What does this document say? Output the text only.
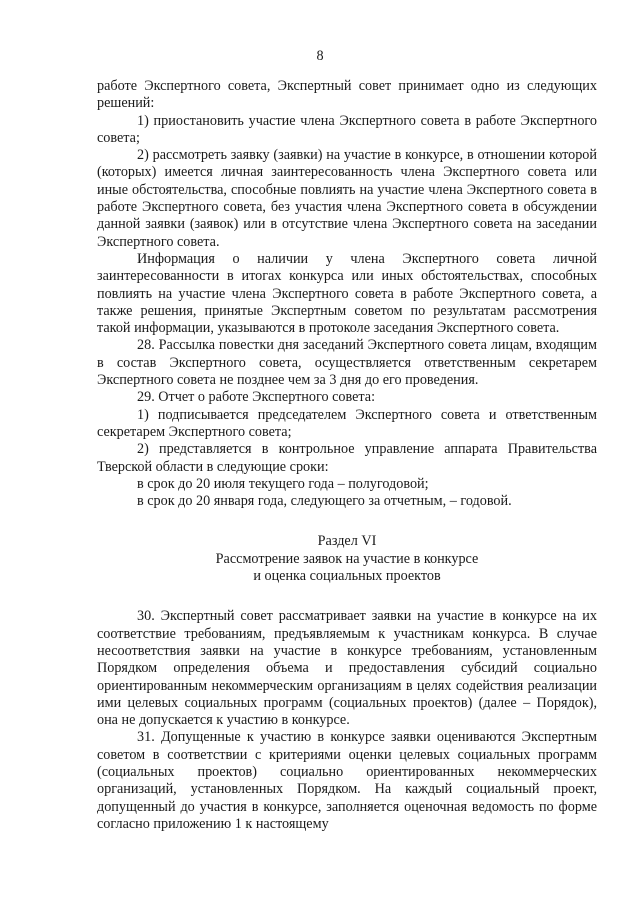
8

работе Экспертного совета, Экспертный совет принимает одно из следующих решений:

1) приостановить участие члена Экспертного совета в работе Экспертного совета;

2) рассмотреть заявку (заявки) на участие в конкурсе, в отношении которой (которых) имеется личная заинтересованность члена Экспертного совета или иные обстоятельства, способные повлиять на участие члена Экспертного совета в работе Экспертного совета, без участия члена Экспертного совета в обсуждении данной заявки (заявок) или в отсутствие члена Экспертного совета на заседании Экспертного совета.

Информация о наличии у члена Экспертного совета личной заинтересованности в итогах конкурса или иных обстоятельствах, способных повлиять на участие члена Экспертного совета в работе Экспертного совета, а также решения, принятые Экспертным советом по результатам рассмотрения такой информации, указываются в протоколе заседания Экспертного совета.

28. Рассылка повестки дня заседаний Экспертного совета лицам, входящим в состав Экспертного совета, осуществляется ответственным секретарем Экспертного совета не позднее чем за 3 дня до его проведения.

29. Отчет о работе Экспертного совета:

1) подписывается председателем Экспертного совета и ответственным секретарем Экспертного совета;

2) представляется в контрольное управление аппарата Правительства Тверской области в следующие сроки:

в срок до 20 июля текущего года – полугодовой;

в срок до 20 января года, следующего за отчетным, – годовой.

Раздел VI

Рассмотрение заявок на участие в конкурсе

и оценка социальных проектов

30. Экспертный совет рассматривает заявки на участие в конкурсе на их соответствие требованиям, предъявляемым к участникам конкурса. В случае несоответствия заявки на участие в конкурсе требованиям, установленным Порядком определения объема и предоставления субсидий социально ориентированным некоммерческим организациям в целях содействия реализации ими целевых социальных программ (социальных проектов) (далее – Порядок), она не допускается к участию в конкурсе.

31. Допущенные к участию в конкурсе заявки оцениваются Экспертным советом в соответствии с критериями оценки целевых социальных программ (социальных проектов) социально ориентированных некоммерческих организаций, установленных Порядком. На каждый социальный проект, допущенный до участия в конкурсе, заполняется оценочная ведомость по форме согласно приложению 1 к настоящему
